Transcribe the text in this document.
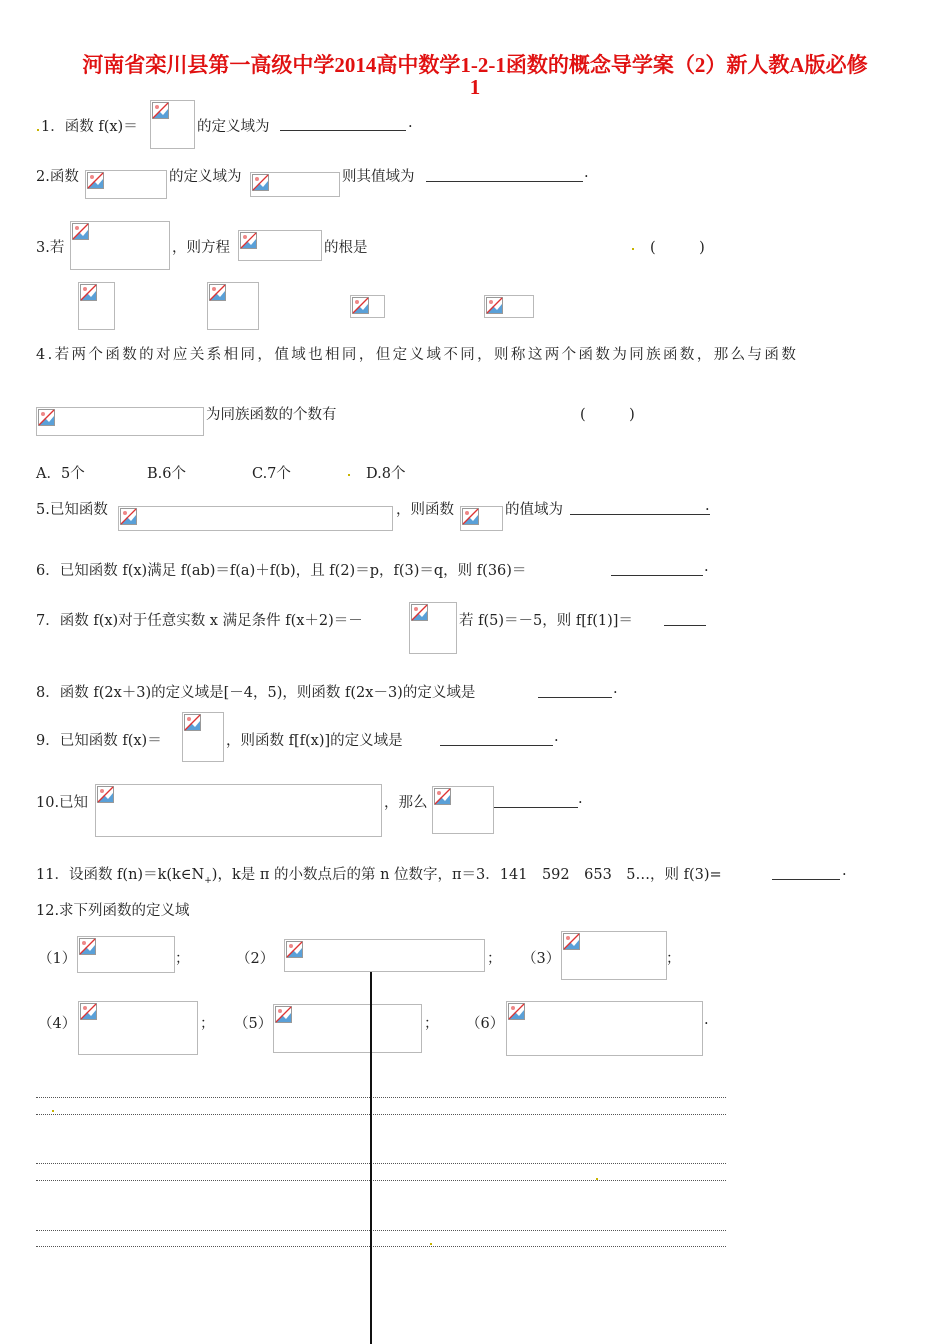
河南省栾川县第一高级中学2014高中数学1-2-1函数的概念导学案（2）新人教A版必修
1
1．函数 f(x)＝	的定义域为	.
2.函数	的定义域为	则其值域为	.
3.若	，则方程	的根是	(　　　)
4.若两个函数的对应关系相同，值域也相同，但定义域不同，则称这两个函数为同族函数，那么与函数
为同族函数的个数有	(　　　)
A．5个	B.6个	C.7个	D.8个
5.已知函数	，则函数	的值域为	.
6．已知函数 f(x)满足 f(ab)＝f(a)＋f(b)，且 f(2)＝p，f(3)＝q，则 f(36)＝	.
7．函数 f(x)对于任意实数 x 满足条件 f(x＋2)＝－	若 f(5)＝－5，则 f[f(1)]＝
8．函数 f(2x＋3)的定义域是[－4，5)，则函数 f(2x－3)的定义域是	.
9．已知函数 f(x)＝	，则函数 f[f(x)]的定义域是	.
10.已知	，那么	.
11．设函数 $f(n)=k(k\in N_+)$，k是 π 的小数点后的第 n 位数字，π＝3．141　592　653　5…，则 f(3)=	.
12.求下列函数的定义域
（1）	；	（2）	； （3）	；
（4）	； （5）	； （6）	.
